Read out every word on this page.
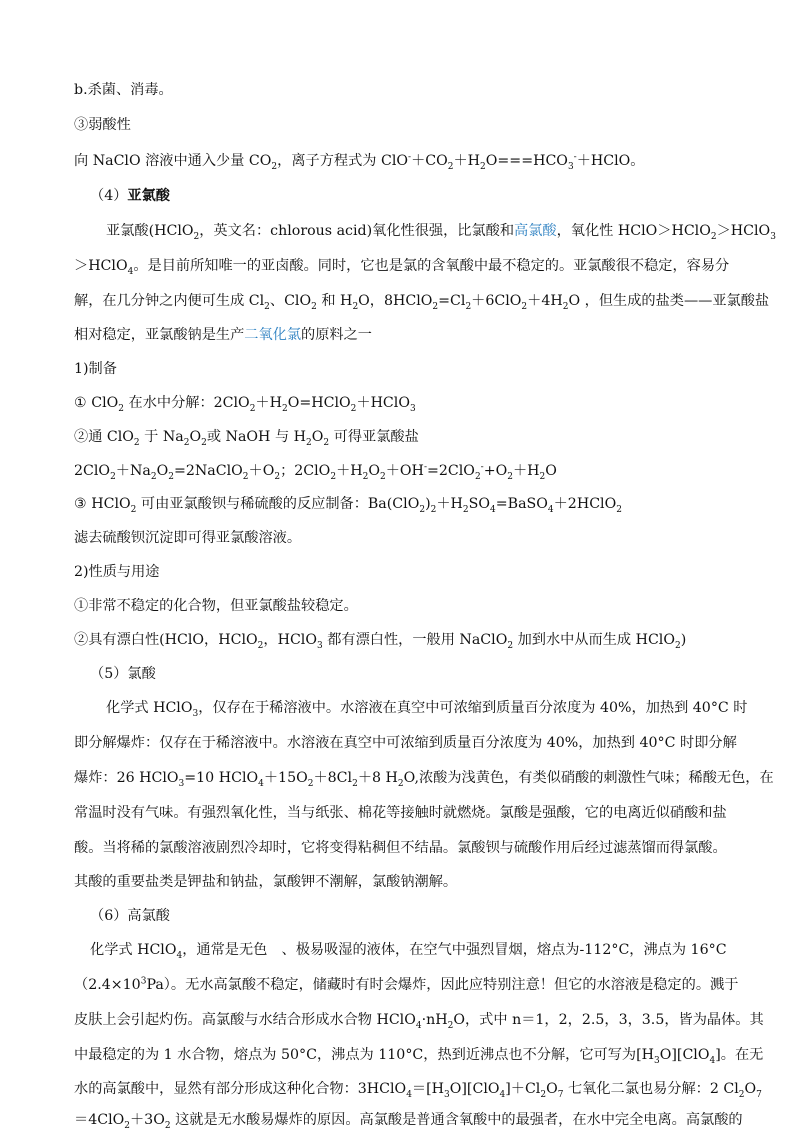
b.杀菌、消毒。
③弱酸性
向 NaClO 溶液中通入少量 $CO_2$，离子方程式为 $ClO^-+CO_2+H_2O===HCO_3^-+HClO$。
（4）亚氯酸
亚氯酸(HClO$_2$，英文名：chlorous acid)氧化性很强，比氯酸和高氯酸，氧化性 HClO＞HClO$_2$＞HClO$_3$
＞HClO$_4$。是目前所知唯一的亚卤酸。同时，它也是氯的含氧酸中最不稳定的。亚氯酸很不稳定，容易分
解，在几分钟之内便可生成 $Cl_2$、ClO$_2$ 和 $H_2O$，$8HClO_2=Cl_2+6ClO_2+4H_2O$ ，但生成的盐类——亚氯酸盐
相对稳定，亚氯酸钠是生产二氧化氯的原料之一
1)制备
① ClO$_2$ 在水中分解：$2ClO_2+H_2O=HClO_2+HClO_3$
②通 ClO$_2$ 于 $Na_2O_2$或 NaOH 与 $H_2O_2$ 可得亚氯酸盐
$2ClO_2+Na_2O_2=2NaClO_2+O_2$；$2ClO_2+H_2O_2+OH^-=2ClO_2^-+O_2+H_2O$
③ HClO$_2$ 可由亚氯酸钡与稀硫酸的反应制备：$Ba(ClO_2)_2+H_2SO_4=BaSO_4+2HClO_2$
滤去硫酸钡沉淀即可得亚氯酸溶液。
2)性质与用途
①非常不稳定的化合物，但亚氯酸盐较稳定。
②具有漂白性(HClO，HClO$_2$，HClO$_3$ 都有漂白性，一般用 NaClO$_2$ 加到水中从而生成 HClO$_2$)
（5）氯酸
化学式 HClO$_3$，仅存在于稀溶液中。水溶液在真空中可浓缩到质量百分浓度为 40%，加热到 40°C 时
即分解爆炸：仅存在于稀溶液中。水溶液在真空中可浓缩到质量百分浓度为 40%，加热到 40°C 时即分解
爆炸：26 HClO$_3$=10 $HClO_4+15O_2+8Cl_2+8$ $H_2O$,浓酸为浅黄色，有类似硝酸的刺激性气味；稀酸无色，在
常温时没有气味。有强烈氧化性，当与纸张、棉花等接触时就燃烧。氯酸是强酸，它的电离近似硝酸和盐
酸。当将稀的氯酸溶液剧烈冷却时，它将变得粘稠但不结晶。氯酸钡与硫酸作用后经过滤蒸馏而得氯酸。
其酸的重要盐类是钾盐和钠盐，氯酸钾不潮解，氯酸钠潮解。
（6）高氯酸
化学式 HClO$_4$，通常是无色　、极易吸湿的液体，在空气中强烈冒烟，熔点为-112°C，沸点为 16°C
$(2.4\times 10^3Pa)$。无水高氯酸不稳定，储藏时有时会爆炸，因此应特别注意！但它的水溶液是稳定的。溅于
皮肤上会引起灼伤。高氯酸与水结合形成水合物 $HClO_4\cdot nH_2O$，式中 n＝1，2，2.5，3，3.5，皆为晶体。其
中最稳定的为 1 水合物，熔点为 50°C，沸点为 110°C，热到近沸点也不分解，它可写为$[H_3O][ClO_4]$。在无
水的高氯酸中，显然有部分形成这种化合物：$3HClO_4=[H_3O][ClO_4]+Cl_2O_7$ 七氧化二氯也易分解：2 $Cl_2O_7$
$=4ClO_2+3O_2$ 这就是无水酸易爆炸的原因。高氯酸是普通含氧酸中的最强者，在水中完全电离。高氯酸的
